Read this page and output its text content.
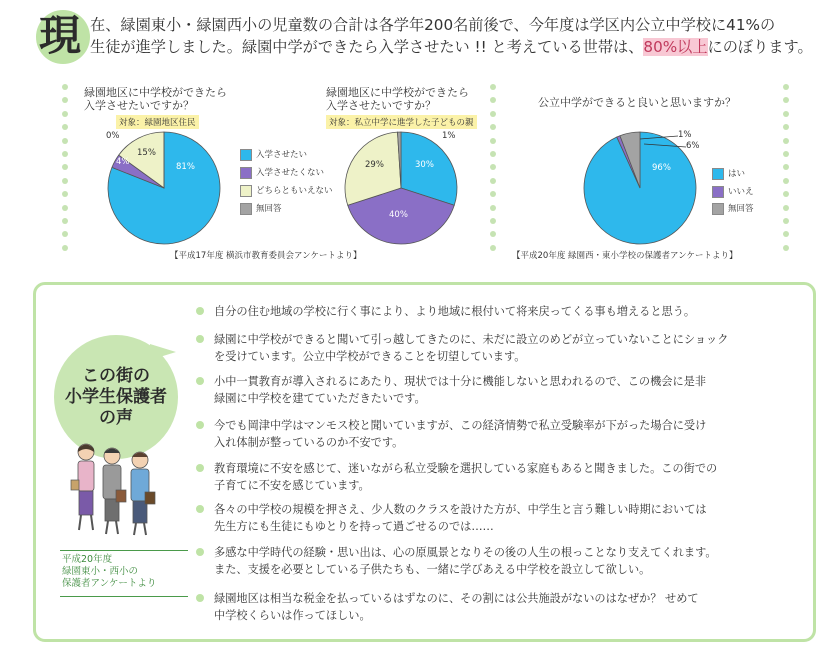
現 在、緑園東小・緑園西小の児童数の合計は各学年200名前後で、今年度は学区内公立中学校に41%の
生徒が進学しました。緑園中学ができたら入学させたい !! と考えている世帯は、80%以上にのぼります。
緑園地区に中学校ができたら入学させたいですか？
対象：緑園地区住民
0%
15%
4%	81%
緑園地区に中学校ができたら入学させたいですか？
対象：私立中学に進学した子どもの親
1%
30%
29%
40%
入学させたい
入学させたくない
どちらともいえない
無回答
【平成17年度 横浜市教育委員会アンケートより】
公立中学ができると良いと思いますか？
1%
6%
96%
はい
いいえ
無回答
【平成20年度 緑園西・東小学校の保護者アンケートより】
この街の
小学生保護者
の声
平成20年度
緑園東小・西小の
保護者アンケートより
自分の住む地域の学校に行く事により、より地域に根付いて将来戻ってくる事も増えると思う。
緑園に中学校ができると聞いて引っ越してきたのに、未だに設立のめどが立っていないことにショック
を受けています。公立中学校ができることを切望しています。
小中一貫教育が導入されるにあたり、現状では十分に機能しないと思われるので、この機会に是非
緑園に中学校を建てていただきたいです。
今でも岡津中学はマンモス校と聞いていますが、この経済情勢で私立受験率が下がった場合に受け
入れ体制が整っているのか不安です。
教育環境に不安を感じて、迷いながら私立受験を選択している家庭もあると聞きました。この街での
子育てに不安を感じています。
各々の中学校の規模を押さえ、少人数のクラスを設けた方が、中学生と言う難しい時期においては
先生方にも生徒にもゆとりを持って過ごせるのでは……
多感な中学時代の経験・思い出は、心の原風景となりその後の人生の根っことなり支えてくれます。
また、支援を必要としている子供たちも、一緒に学びあえる中学校を設立して欲しい。
緑園地区は相当な税金を払っているはずなのに、その割には公共施設がないのはなぜか？ せめて
中学校くらいは作ってほしい。
